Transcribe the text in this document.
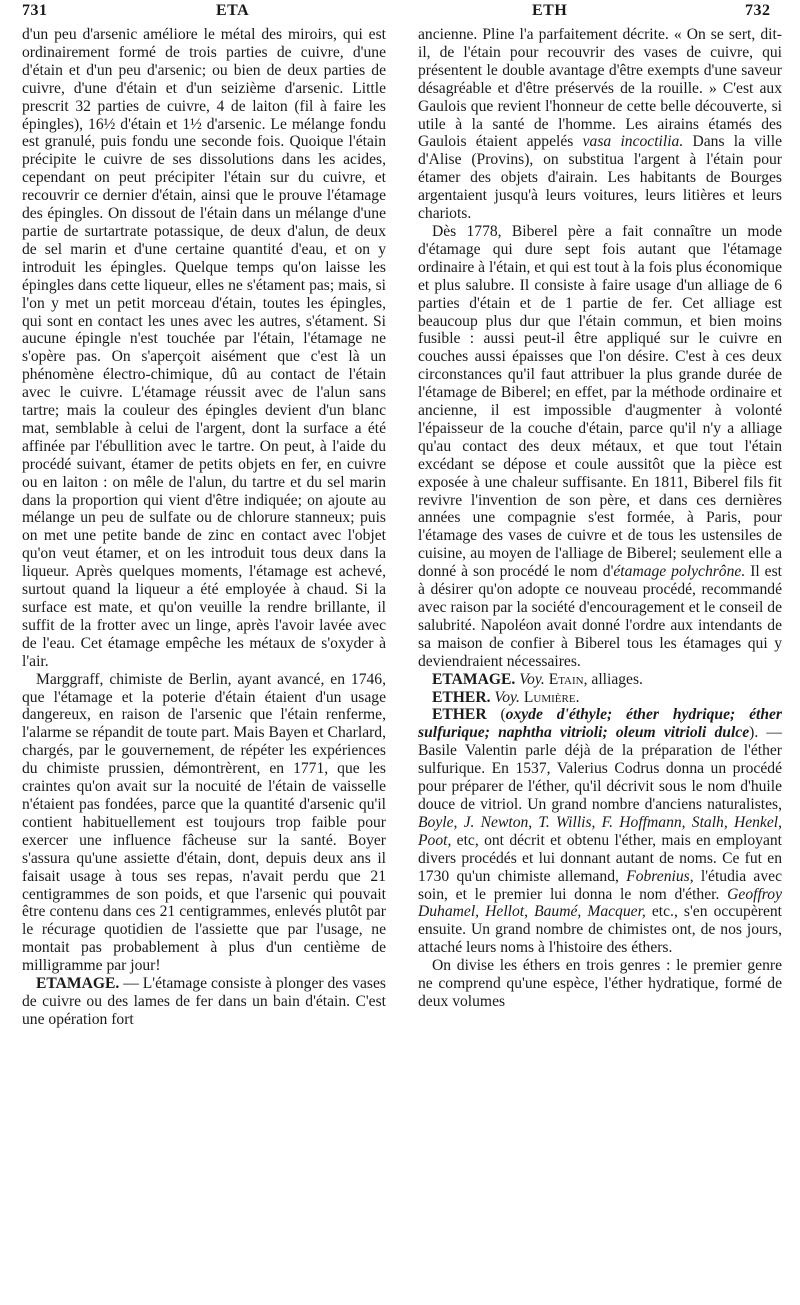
731	ETA	ETH	732

d'un peu d'arsenic améliore le métal des miroirs, qui est ordinairement formé de trois parties de cuivre, d'une d'étain et d'un peu d'arsenic; ou bien de deux parties de cuivre, d'une d'étain et d'un seizième d'arsenic. Little prescrit 32 parties de cuivre, 4 de laiton (fil à faire les épingles), 16½ d'étain et 1½ d'arsenic. Le mélange fondu est granulé, puis fondu une seconde fois. Quoique l'étain précipite le cuivre de ses dissolutions dans les acides, cependant on peut précipiter l'étain sur du cuivre, et recouvrir ce dernier d'étain, ainsi que le prouve l'étamage des épingles. On dissout de l'étain dans un mélange d'une partie de surtartrate potassique, de deux d'alun, de deux de sel marin et d'une certaine quantité d'eau, et on y introduit les épingles. Quelque temps qu'on laisse les épingles dans cette liqueur, elles ne s'étament pas; mais, si l'on y met un petit morceau d'étain, toutes les épingles, qui sont en contact les unes avec les autres, s'étament. Si aucune épingle n'est touchée par l'étain, l'étamage ne s'opère pas. On s'aperçoit aisément que c'est là un phénomène électro-chimique, dû au contact de l'étain avec le cuivre. L'étamage réussit avec de l'alun sans tartre; mais la couleur des épingles devient d'un blanc mat, semblable à celui de l'argent, dont la surface a été affinée par l'ébullition avec le tartre. On peut, à l'aide du procédé suivant, étamer de petits objets en fer, en cuivre ou en laiton : on mêle de l'alun, du tartre et du sel marin dans la proportion qui vient d'être indiquée; on ajoute au mélange un peu de sulfate ou de chlorure stanneux; puis on met une petite bande de zinc en contact avec l'objet qu'on veut étamer, et on les introduit tous deux dans la liqueur. Après quelques moments, l'étamage est achevé, surtout quand la liqueur a été employée à chaud. Si la surface est mate, et qu'on veuille la rendre brillante, il suffit de la frotter avec un linge, après l'avoir lavée avec de l'eau. Cet étamage empêche les métaux de s'oxyder à l'air.

Marggraff, chimiste de Berlin, ayant avancé, en 1746, que l'étamage et la poterie d'étain étaient d'un usage dangereux, en raison de l'arsenic que l'étain renferme, l'alarme se répandit de toute part. Mais Bayen et Charlard, chargés, par le gouvernement, de répéter les expériences du chimiste prussien, démontrèrent, en 1771, que les craintes qu'on avait sur la nocuité de l'étain de vaisselle n'étaient pas fondées, parce que la quantité d'arsenic qu'il contient habituellement est toujours trop faible pour exercer une influence fâcheuse sur la santé. Boyer s'assura qu'une assiette d'étain, dont, depuis deux ans il faisait usage à tous ses repas, n'avait perdu que 21 centigrammes de son poids, et que l'arsenic qui pouvait être contenu dans ces 21 centigrammes, enlevés plutôt par le récurage quotidien de l'assiette que par l'usage, ne montait pas probablement à plus d'un centième de milligramme par jour!

ETAMAGE. — L'étamage consiste à plonger des vases de cuivre ou des lames de fer dans un bain d'étain. C'est une opération fort

ancienne. Pline l'a parfaitement décrite. « On se sert, dit-il, de l'étain pour recouvrir des vases de cuivre, qui présentent le double avantage d'être exempts d'une saveur désagréable et d'être préservés de la rouille. » C'est aux Gaulois que revient l'honneur de cette belle découverte, si utile à la santé de l'homme. Les airains étamés des Gaulois étaient appelés vasa incoctilia. Dans la ville d'Alise (Provins), on substitua l'argent à l'étain pour étamer des objets d'airain. Les habitants de Bourges argentaient jusqu'à leurs voitures, leurs litières et leurs chariots.

Dès 1778, Biberel père a fait connaître un mode d'étamage qui dure sept fois autant que l'étamage ordinaire à l'étain, et qui est tout à la fois plus économique et plus salubre. Il consiste à faire usage d'un alliage de 6 parties d'étain et de 1 partie de fer. Cet alliage est beaucoup plus dur que l'étain commun, et bien moins fusible : aussi peut-il être appliqué sur le cuivre en couches aussi épaisses que l'on désire. C'est à ces deux circonstances qu'il faut attribuer la plus grande durée de l'étamage de Biberel; en effet, par la méthode ordinaire et ancienne, il est impossible d'augmenter à volonté l'épaisseur de la couche d'étain, parce qu'il n'y a alliage qu'au contact des deux métaux, et que tout l'étain excédant se dépose et coule aussitôt que la pièce est exposée à une chaleur suffisante. En 1811, Biberel fils fit revivre l'invention de son père, et dans ces dernières années une compagnie s'est formée, à Paris, pour l'étamage des vases de cuivre et de tous les ustensiles de cuisine, au moyen de l'alliage de Biberel; seulement elle a donné à son procédé le nom d'étamage polychrône. Il est à désirer qu'on adopte ce nouveau procédé, recommandé avec raison par la société d'encouragement et le conseil de salubrité. Napoléon avait donné l'ordre aux intendants de sa maison de confier à Biberel tous les étamages qui y deviendraient nécessaires.

ETAMAGE. Voy. Etain, alliages.

ETHER. Voy. Lumière.

ETHER (oxyde d'éthyle; éther hydrique; éther sulfurique; naphtha vitrioli; oleum vitrioli dulce). — Basile Valentin parle déjà de la préparation de l'éther sulfurique. En 1537, Valerius Codrus donna un procédé pour préparer de l'éther, qu'il décrivit sous le nom d'huile douce de vitriol. Un grand nombre d'anciens naturalistes, Boyle, J. Newton, T. Willis, F. Hoffmann, Stalh, Henkel, Poot, etc, ont décrit et obtenu l'éther, mais en employant divers procédés et lui donnant autant de noms. Ce fut en 1730 qu'un chimiste allemand, Fobrenius, l'étudia avec soin, et le premier lui donna le nom d'éther. Geoffroy Duhamel, Hellot, Baumé, Macquer, etc., s'en occupèrent ensuite. Un grand nombre de chimistes ont, de nos jours, attaché leurs noms à l'histoire des éthers.

On divise les éthers en trois genres : le premier genre ne comprend qu'une espèce, l'éther hydratique, formé de deux volumes
